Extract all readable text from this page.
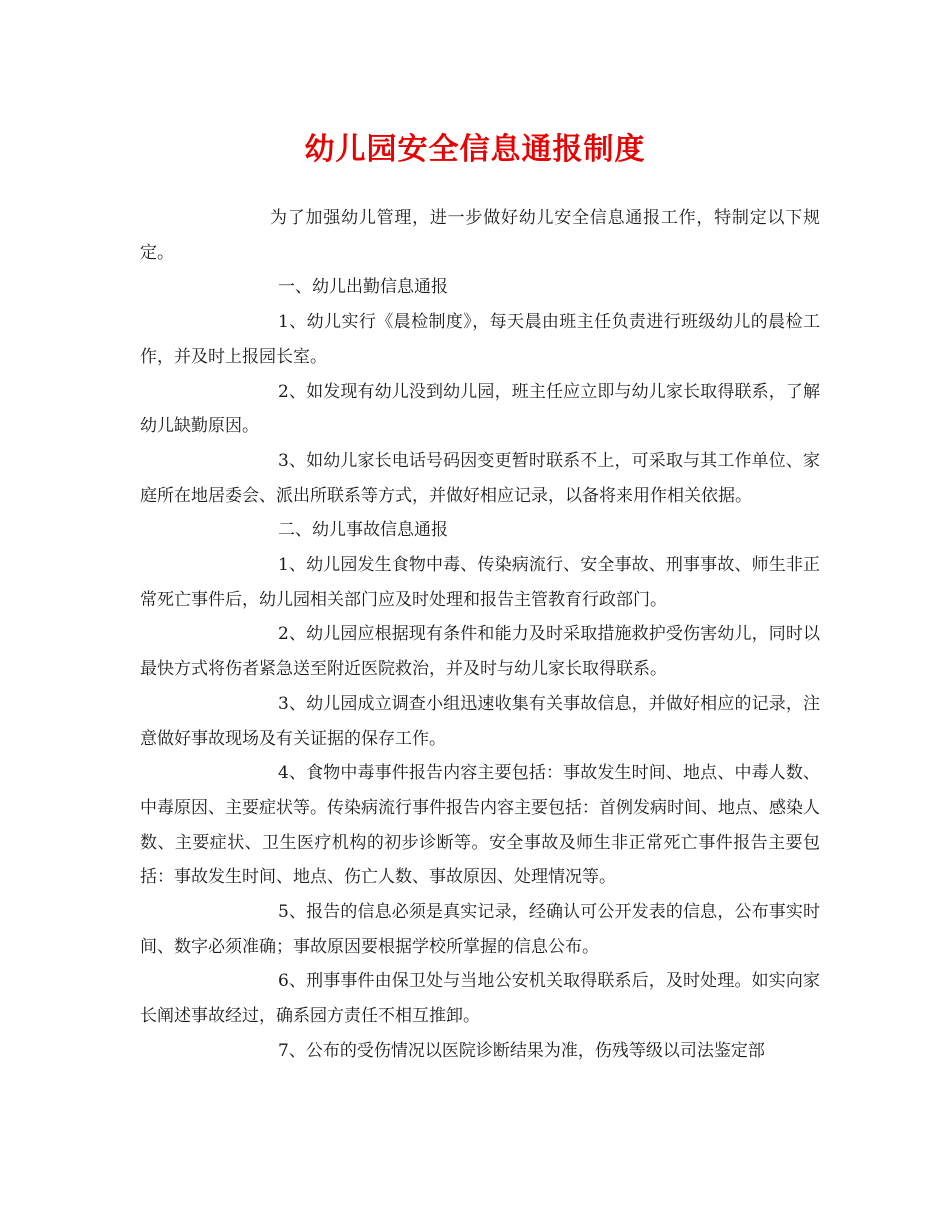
幼儿园安全信息通报制度

为了加强幼儿管理，进一步做好幼儿安全信息通报工作，特制定以下规定。

一、幼儿出勤信息通报

1、幼儿实行《晨检制度》，每天晨由班主任负责进行班级幼儿的晨检工作，并及时上报园长室。

2、如发现有幼儿没到幼儿园，班主任应立即与幼儿家长取得联系，了解幼儿缺勤原因。

3、如幼儿家长电话号码因变更暂时联系不上，可采取与其工作单位、家庭所在地居委会、派出所联系等方式，并做好相应记录，以备将来用作相关依据。

二、幼儿事故信息通报

1、幼儿园发生食物中毒、传染病流行、安全事故、刑事事故、师生非正常死亡事件后，幼儿园相关部门应及时处理和报告主管教育行政部门。

2、幼儿园应根据现有条件和能力及时采取措施救护受伤害幼儿，同时以最快方式将伤者紧急送至附近医院救治，并及时与幼儿家长取得联系。

3、幼儿园成立调查小组迅速收集有关事故信息，并做好相应的记录，注意做好事故现场及有关证据的保存工作。

4、食物中毒事件报告内容主要包括：事故发生时间、地点、中毒人数、中毒原因、主要症状等。传染病流行事件报告内容主要包括：首例发病时间、地点、感染人数、主要症状、卫生医疗机构的初步诊断等。安全事故及师生非正常死亡事件报告主要包括：事故发生时间、地点、伤亡人数、事故原因、处理情况等。

5、报告的信息必须是真实记录，经确认可公开发表的信息，公布事实时间、数字必须准确；事故原因要根据学校所掌握的信息公布。

6、刑事事件由保卫处与当地公安机关取得联系后，及时处理。如实向家长阐述事故经过，确系园方责任不相互推卸。

7、公布的受伤情况以医院诊断结果为准，伤残等级以司法鉴定部
